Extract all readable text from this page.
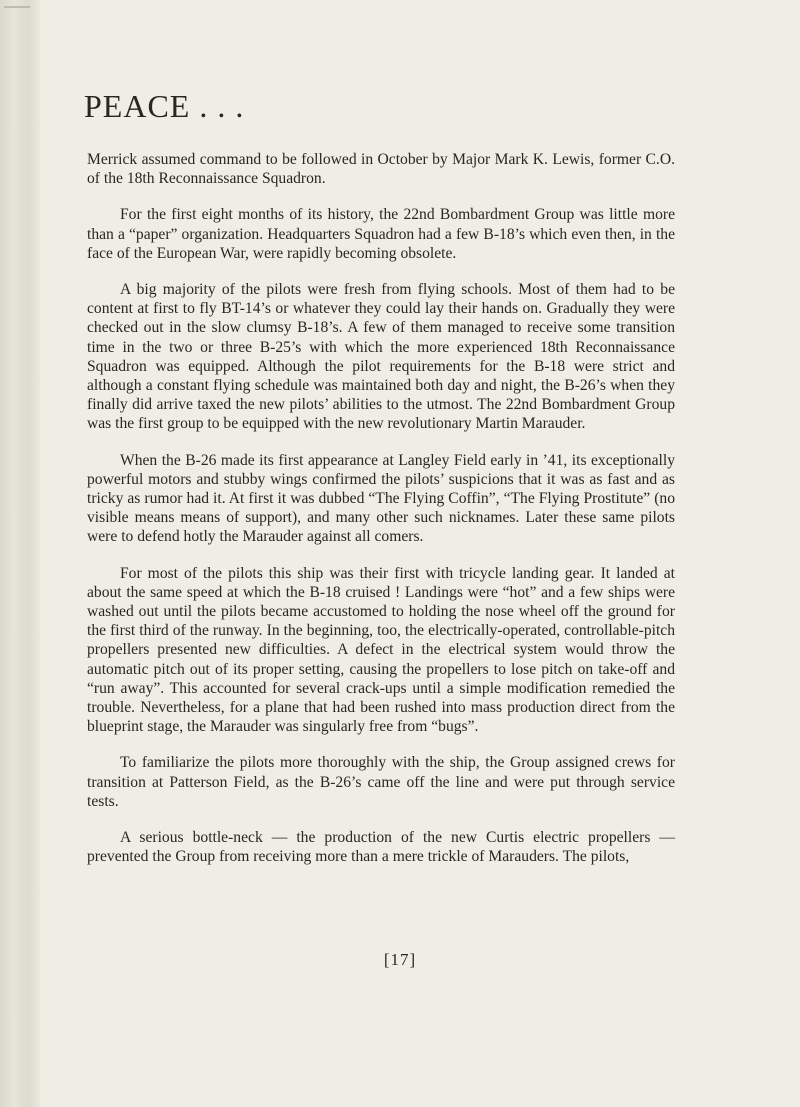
PEACE . . .

Merrick assumed command to be followed in October by Major Mark K. Lewis, former C.O. of the 18th Reconnaissance Squadron.

For the first eight months of its history, the 22nd Bombardment Group was little more than a “paper” organization. Headquarters Squadron had a few B-18’s which even then, in the face of the European War, were rapidly becoming obsolete.

A big majority of the pilots were fresh from flying schools. Most of them had to be content at first to fly BT-14’s or whatever they could lay their hands on. Gradually they were checked out in the slow clumsy B-18’s. A few of them managed to receive some transition time in the two or three B-25’s with which the more experienced 18th Reconnaissance Squadron was equipped. Although the pilot requirements for the B-18 were strict and although a constant flying schedule was maintained both day and night, the B-26’s when they finally did arrive taxed the new pilots’ abilities to the utmost. The 22nd Bombardment Group was the first group to be equipped with the new revolutionary Martin Marauder.

When the B-26 made its first appearance at Langley Field early in ’41, its exceptionally powerful motors and stubby wings confirmed the pilots’ suspicions that it was as fast and as tricky as rumor had it. At first it was dubbed “The Flying Coffin”, “The Flying Prostitute” (no visible means means of support), and many other such nicknames. Later these same pilots were to defend hotly the Marauder against all comers.

For most of the pilots this ship was their first with tricycle landing gear. It landed at about the same speed at which the B-18 cruised ! Landings were “hot” and a few ships were washed out until the pilots became accustomed to holding the nose wheel off the ground for the first third of the runway. In the beginning, too, the electrically-operated, controllable-pitch propellers presented new difficulties. A defect in the electrical system would throw the automatic pitch out of its proper setting, causing the propellers to lose pitch on take-off and “run away”. This accounted for several crack-ups until a simple modification remedied the trouble. Nevertheless, for a plane that had been rushed into mass production direct from the blueprint stage, the Marauder was singularly free from “bugs”.

To familiarize the pilots more thoroughly with the ship, the Group assigned crews for transition at Patterson Field, as the B-26’s came off the line and were put through service tests.

A serious bottle-neck — the production of the new Curtis electric propellers — prevented the Group from receiving more than a mere trickle of Marauders. The pilots,

[17]
